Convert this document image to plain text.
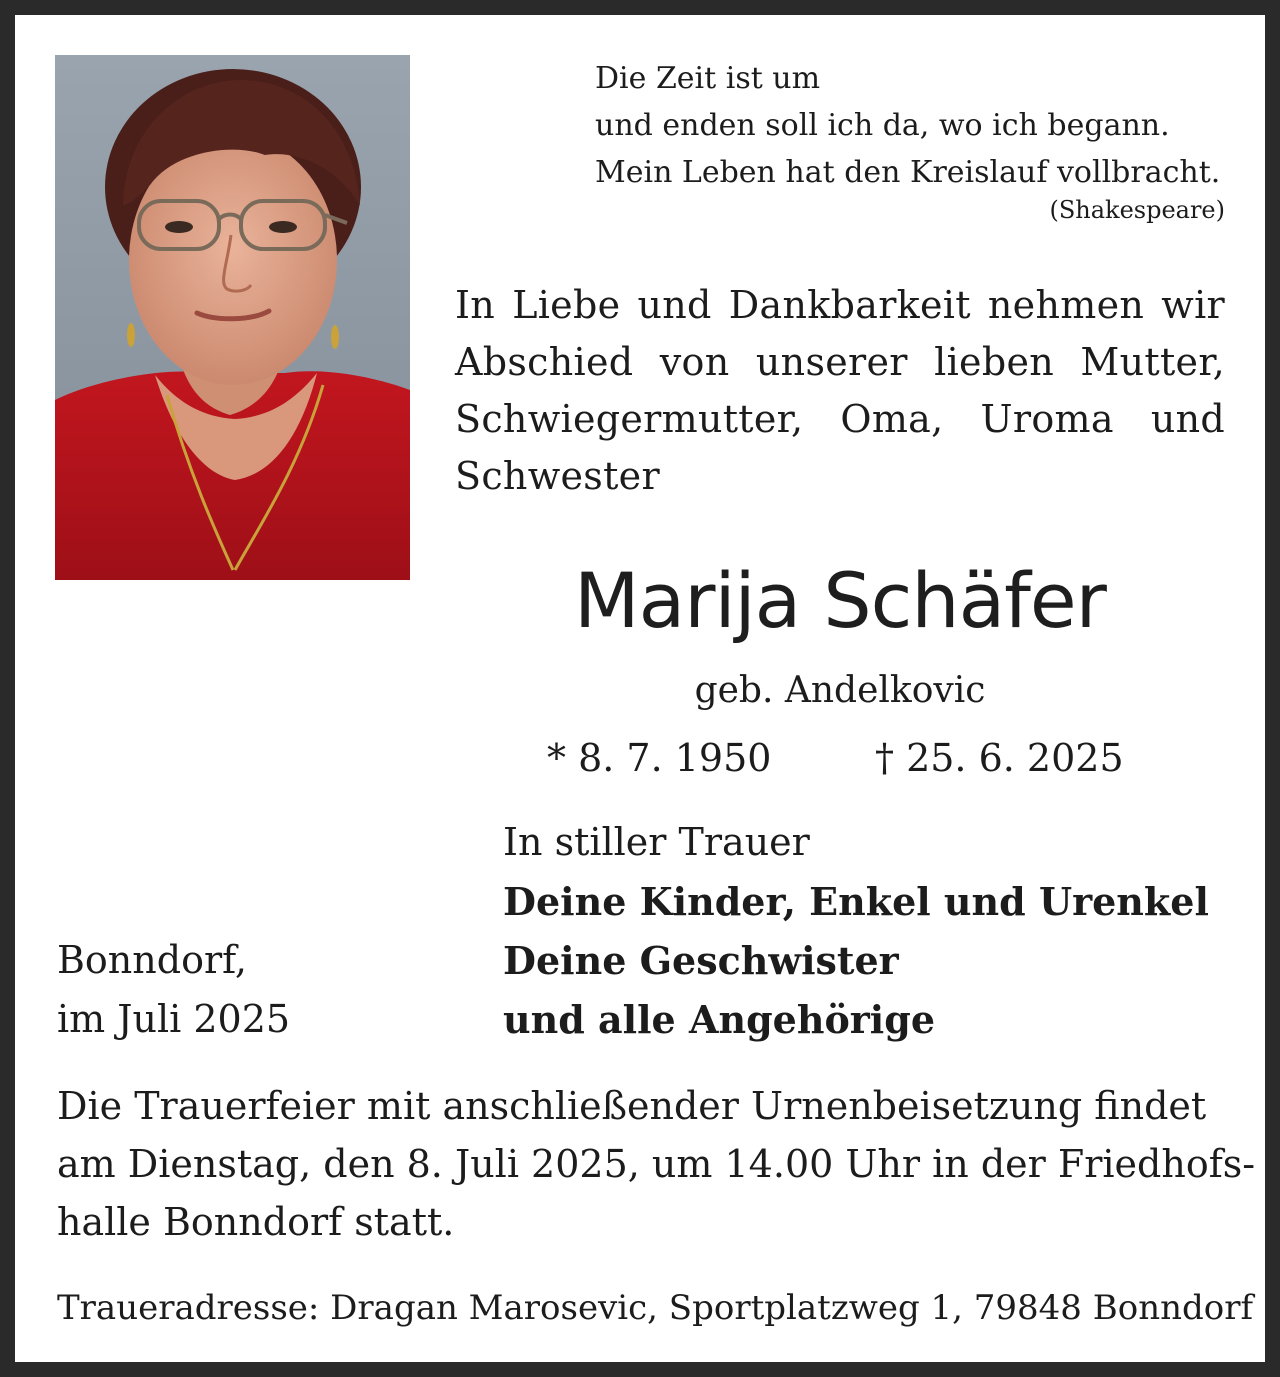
Die Zeit ist um
und enden soll ich da, wo ich begann.
Mein Leben hat den Kreislauf vollbracht.
(Shakespeare)
In Liebe und Dankbarkeit nehmen wir Abschied von unserer lieben Mutter, Schwiegermutter, Oma, Uroma und Schwester
Marija Schäfer
geb. Andelkovic
* 8. 7. 1950	† 25. 6. 2025
In stiller Trauer
Deine Kinder, Enkel und Urenkel
Deine Geschwister
und alle Angehörige
Bonndorf,
im Juli 2025
Die Trauerfeier mit anschließender Urnenbeisetzung findet
am Dienstag, den 8. Juli 2025, um 14.00 Uhr in der Friedhofs-
halle Bonndorf statt.
Traueradresse: Dragan Marosevic, Sportplatzweg 1, 79848 Bonndorf
